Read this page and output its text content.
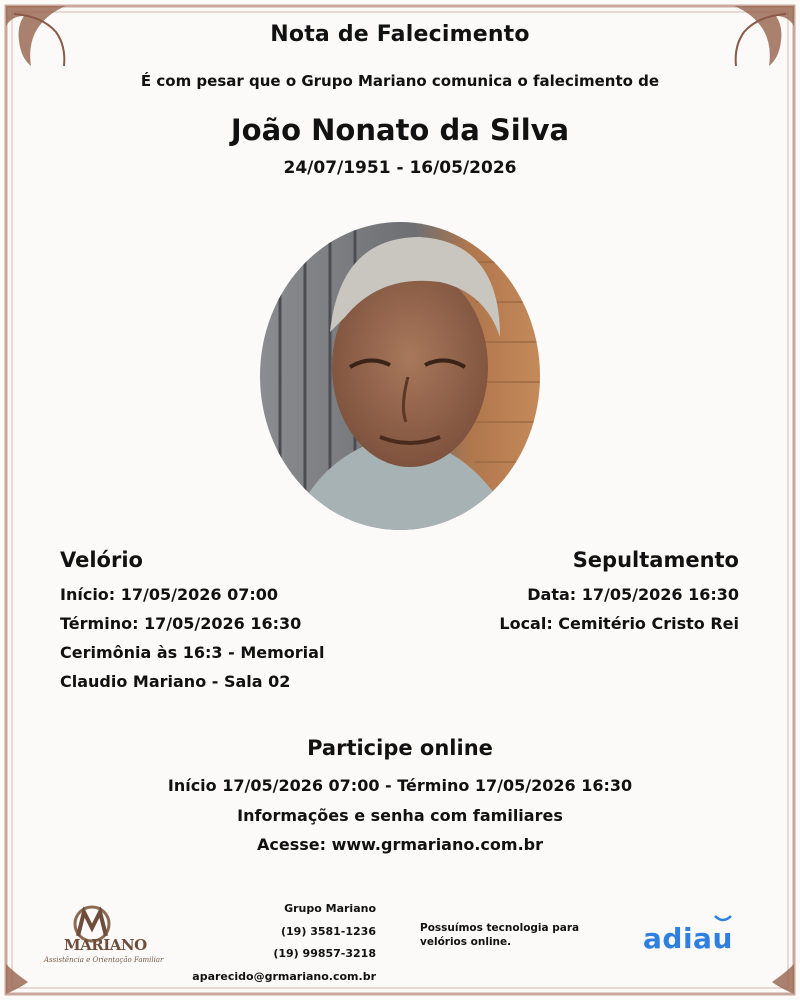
Nota de Falecimento
É com pesar que o Grupo Mariano comunica o falecimento de
João Nonato da Silva
24/07/1951 - 16/05/2026
Velório
Início: 17/05/2026 07:00
Término: 17/05/2026 16:30
Cerimônia às 16:3 - Memorial
Claudio Mariano - Sala 02
Sepultamento
Data: 17/05/2026 16:30
Local: Cemitério Cristo Rei
Participe online
Início 17/05/2026 07:00 - Término 17/05/2026 16:30
Informações e senha com familiares
Acesse: www.grmariano.com.br
MARIANO
Assistência e Orientação Familiar
Grupo Mariano
(19) 3581-1236
(19) 99857-3218
aparecido@grmariano.com.br
Possuímos tecnologia para velórios online.	adiau
